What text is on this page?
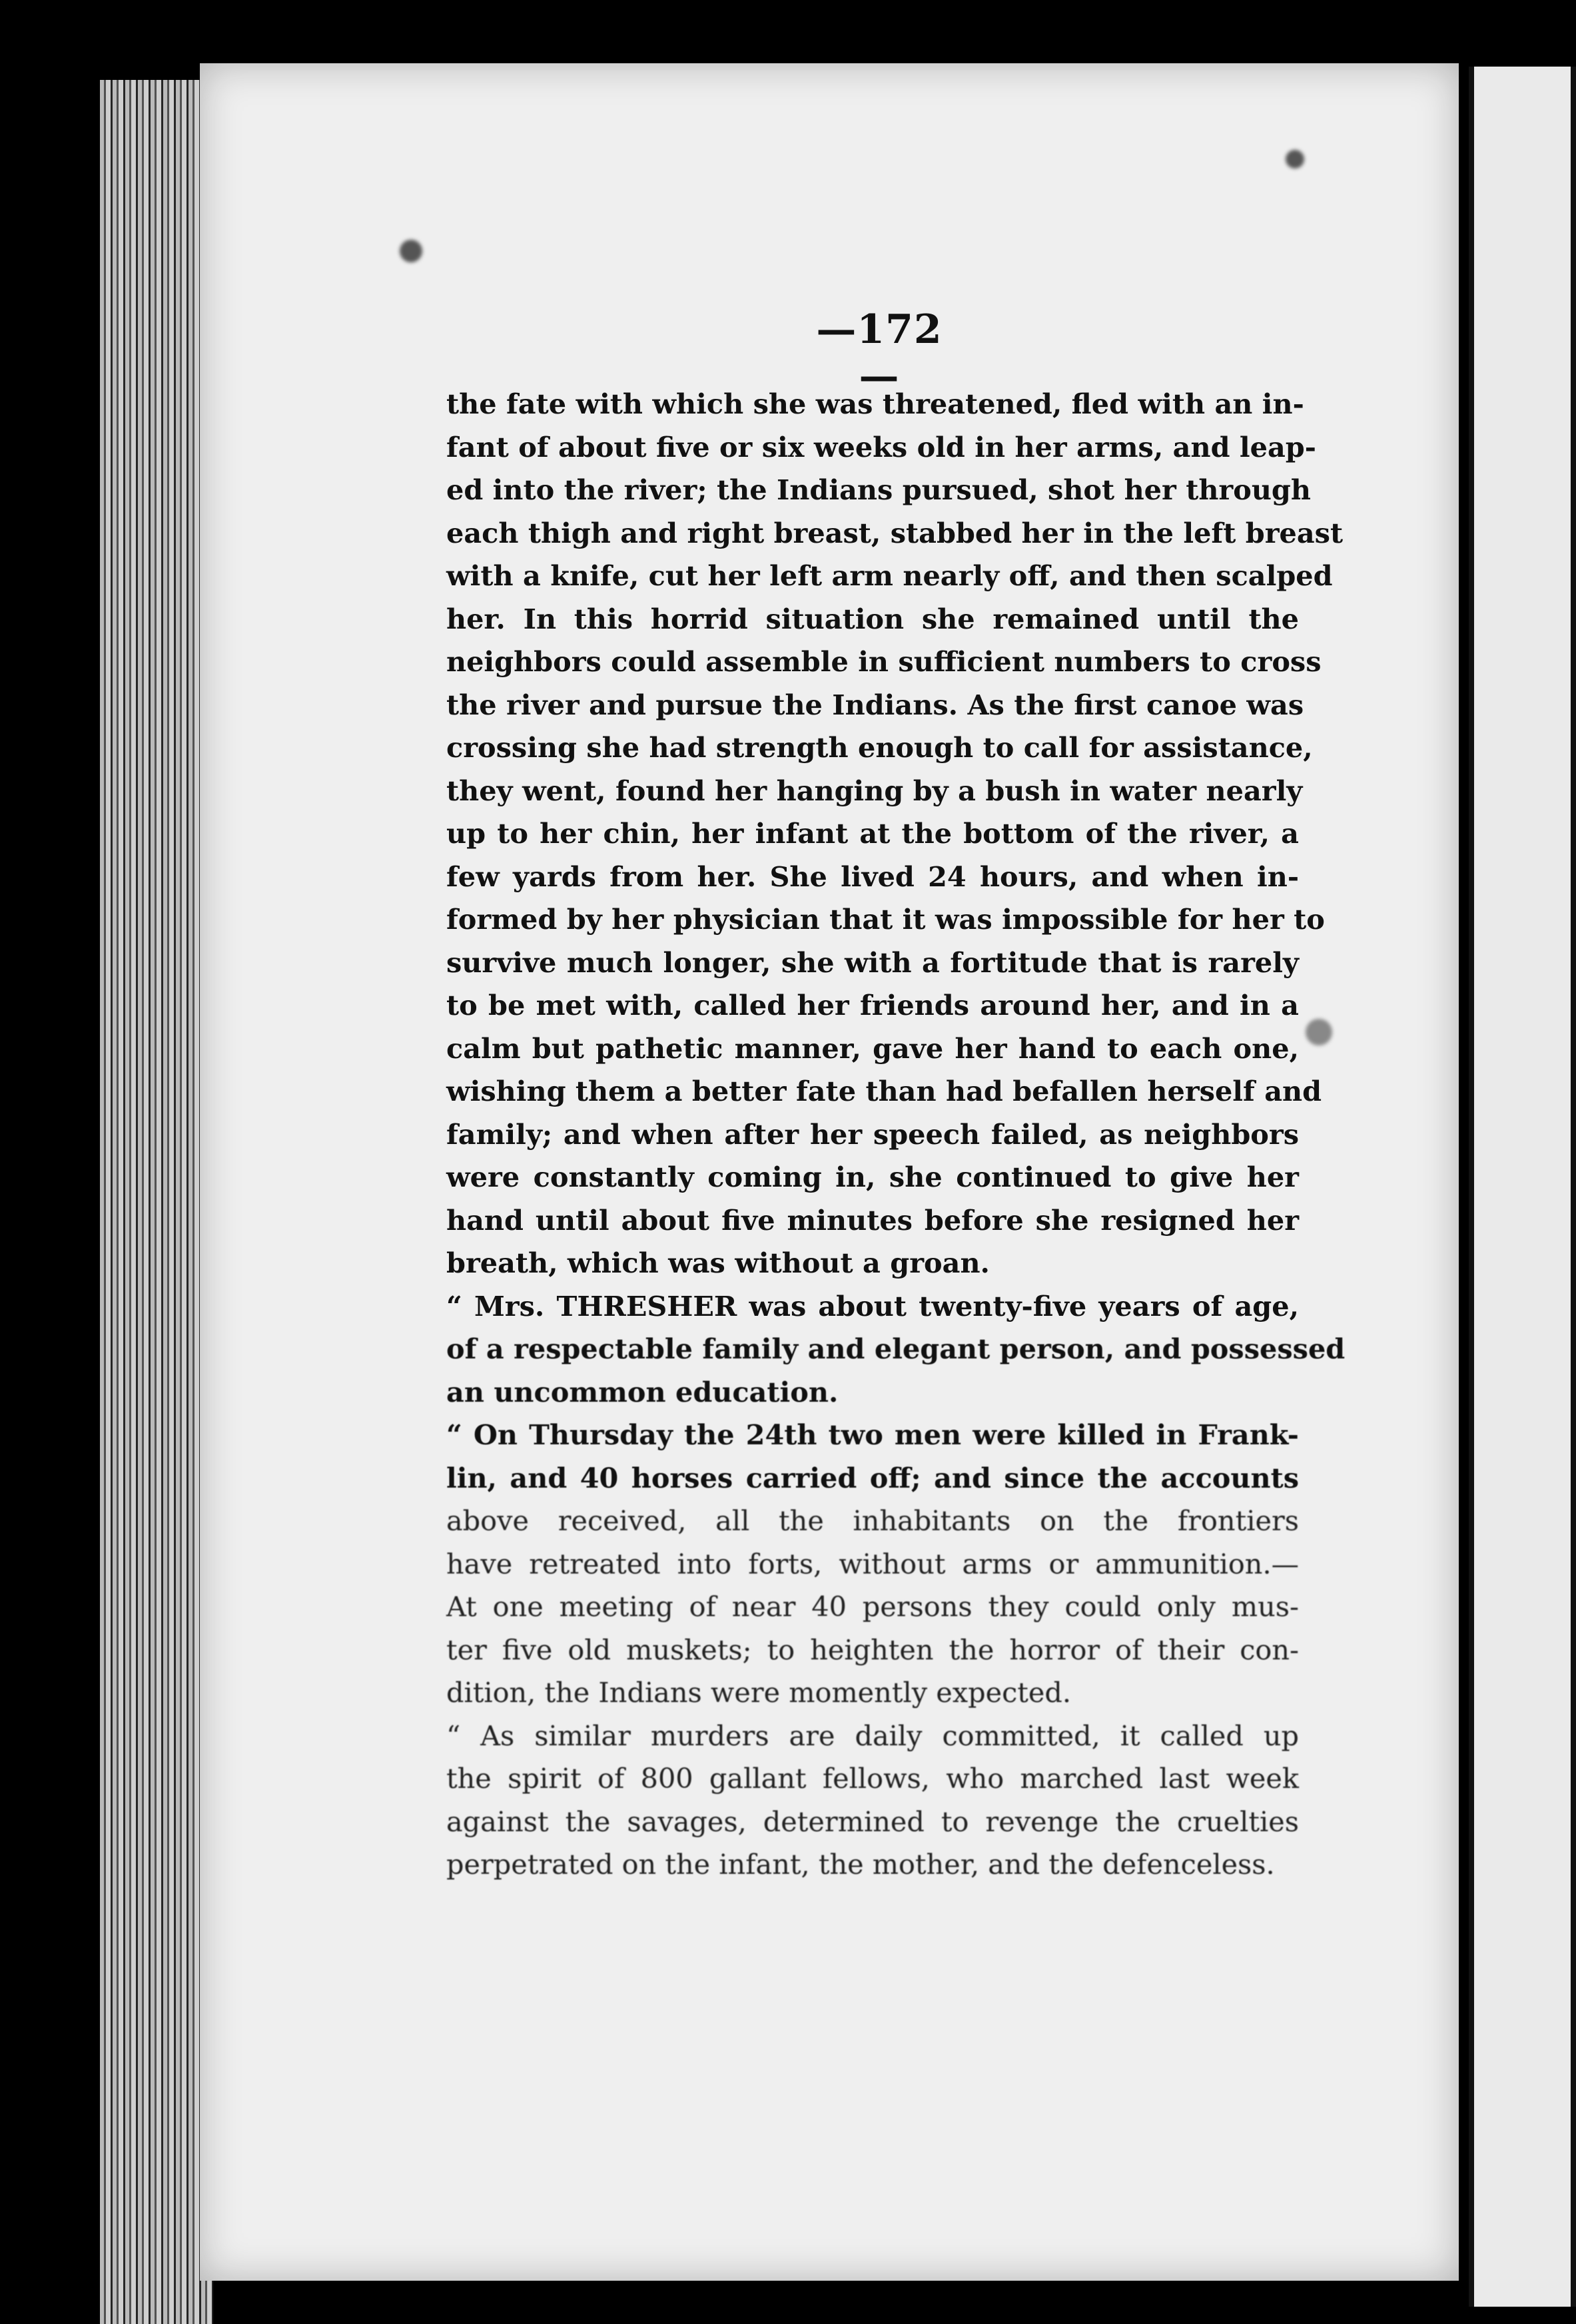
—172—
the fate with which she was threatened, fled with an in-
fant of about five or six weeks old in her arms, and leap-
ed into the river; the Indians pursued, shot her through
each thigh and right breast, stabbed her in the left breast
with a knife, cut her left arm nearly off, and then scalped
her. In this horrid situation she remained until the
neighbors could assemble in sufficient numbers to cross
the river and pursue the Indians. As the first canoe was
crossing she had strength enough to call for assistance,
they went, found her hanging by a bush in water nearly
up to her chin, her infant at the bottom of the river, a
few yards from her. She lived 24 hours, and when in-
formed by her physician that it was impossible for her to
survive much longer, she with a fortitude that is rarely
to be met with, called her friends around her, and in a
calm but pathetic manner, gave her hand to each one,
wishing them a better fate than had befallen herself and
family; and when after her speech failed, as neighbors
were constantly coming in, she continued to give her
hand until about five minutes before she resigned her
breath, which was without a groan.
“ Mrs. THRESHER was about twenty-five years of age,
of a respectable family and elegant person, and possessed
an uncommon education.
“ On Thursday the 24th two men were killed in Frank-
lin, and 40 horses carried off; and since the accounts
above received, all the inhabitants on the frontiers
have retreated into forts, without arms or ammunition.—
At one meeting of near 40 persons they could only mus-
ter five old muskets; to heighten the horror of their con-
dition, the Indians were momently expected.
“ As similar murders are daily committed, it called up
the spirit of 800 gallant fellows, who marched last week
against the savages, determined to revenge the cruelties
perpetrated on the infant, the mother, and the defenceless.
